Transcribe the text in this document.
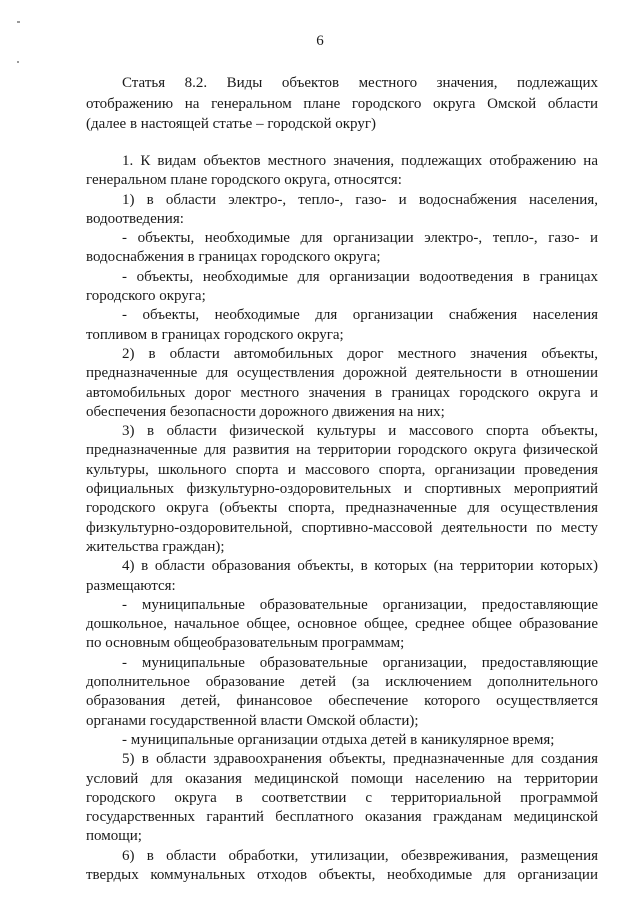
6

Статья 8.2. Виды объектов местного значения, подлежащих
отображению на генеральном плане городского округа Омской области
(далее в настоящей статье – городской округ)

1. К видам объектов местного значения, подлежащих отображению на
генеральном плане городского округа, относятся:
1) в области электро-, тепло-, газо- и водоснабжения населения,
водоотведения:
- объекты, необходимые для организации электро-, тепло-, газо- и
водоснабжения в границах городского округа;
- объекты, необходимые для организации водоотведения в границах
городского округа;
- объекты, необходимые для организации снабжения населения
топливом в границах городского округа;
2) в области автомобильных дорог местного значения объекты,
предназначенные для осуществления дорожной деятельности в отношении
автомобильных дорог местного значения в границах городского округа и
обеспечения безопасности дорожного движения на них;
3) в области физической культуры и массового спорта объекты,
предназначенные для развития на территории городского округа физической
культуры, школьного спорта и массового спорта, организации проведения
официальных физкультурно-оздоровительных и спортивных мероприятий
городского округа (объекты спорта, предназначенные для осуществления
физкультурно-оздоровительной, спортивно-массовой деятельности по месту
жительства граждан);
4) в области образования объекты, в которых (на территории которых)
размещаются:
- муниципальные образовательные организации, предоставляющие
дошкольное, начальное общее, основное общее, среднее общее образование
по основным общеобразовательным программам;
- муниципальные образовательные организации, предоставляющие
дополнительное образование детей (за исключением дополнительного
образования детей, финансовое обеспечение которого осуществляется
органами государственной власти Омской области);
- муниципальные организации отдыха детей в каникулярное время;
5) в области здравоохранения объекты, предназначенные для создания
условий для оказания медицинской помощи населению на территории
городского округа в соответствии с территориальной программой
государственных гарантий бесплатного оказания гражданам медицинской
помощи;
6) в области обработки, утилизации, обезвреживания, размещения
твердых коммунальных отходов объекты, необходимые для организации
